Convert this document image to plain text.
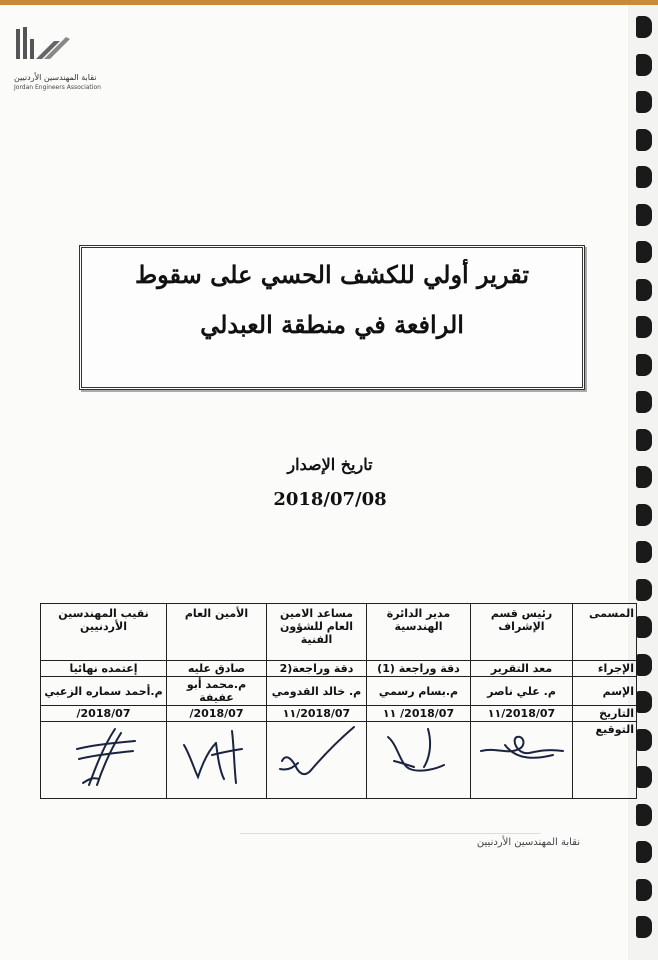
نقابة المهندسين الأردنيين
Jordan Engineers Association
تقرير أولي للكشف الحسي على سقوط
الرافعة في منطقة العبدلي
تاريخ الإصدار
2018/07/08
المسمى	رئيس قسم الإشراف	مدير الدائرة الهندسية	مساعد الامين العام للشؤون الفنية	الأمين العام	نقيب المهندسين الأردنيين
الإجراء	معد التقرير	دقة وراجعة (1)	دقة وراجعة(2	صادق عليه	إعتمده نهائيا
الإسم	م. علي ناصر	م.بسام رسمي	م. خالد القدومي	م.محمد أبو عفيفة	م.أحمد سماره الزعبي
التاريخ	2018/07/١١	2018/07/ ١١	2018/07/١١	2018/07/	2018/07/
التوقيع	

نقابة المهندسين الأردنيين
